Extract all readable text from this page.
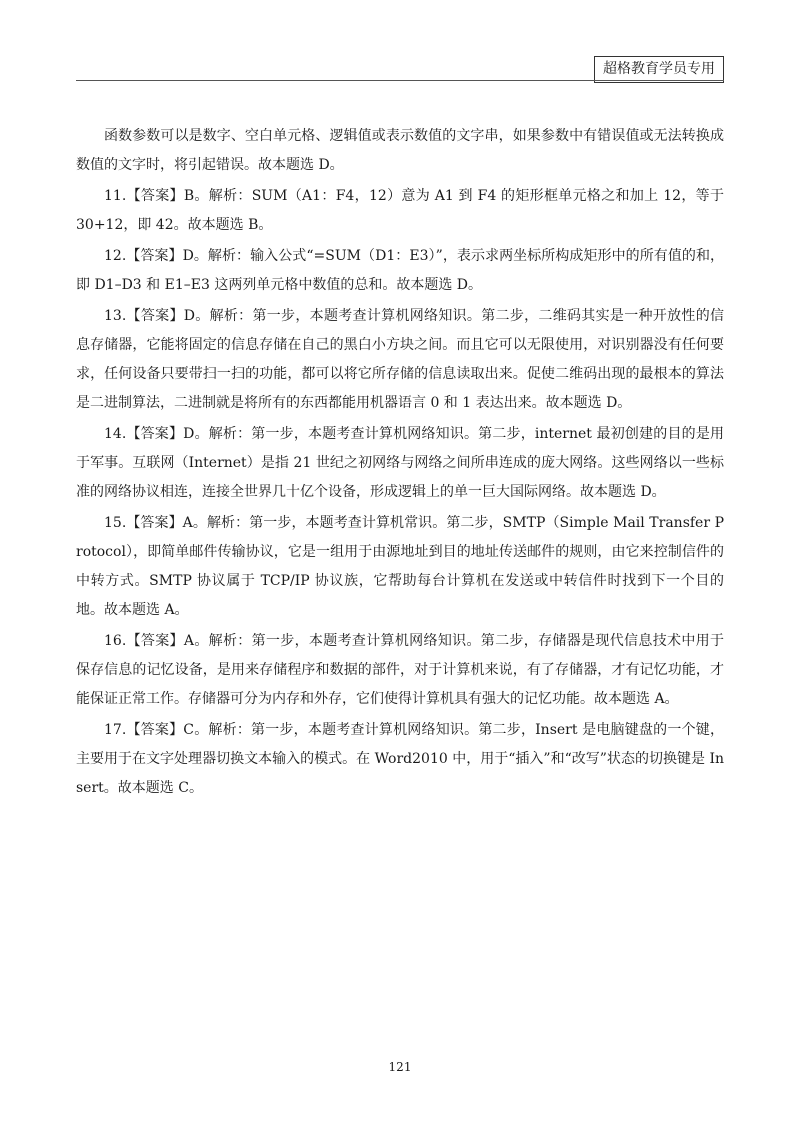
超格教育学员专用

函数参数可以是数字、空白单元格、逻辑值或表示数值的文字串，如果参数中有错误值或无法转换成数值的文字时，将引起错误。故本题选 D。

11.【答案】B。解析：SUM（A1：F4，12）意为 A1 到 F4 的矩形框单元格之和加上 12，等于 30+12，即 42。故本题选 B。

12.【答案】D。解析：输入公式“=SUM（D1：E3）”，表示求两坐标所构成矩形中的所有值的和，即 D1–D3 和 E1–E3 这两列单元格中数值的总和。故本题选 D。

13.【答案】D。解析：第一步，本题考查计算机网络知识。第二步，二维码其实是一种开放性的信息存储器，它能将固定的信息存储在自己的黑白小方块之间。而且它可以无限使用，对识别器没有任何要求，任何设备只要带扫一扫的功能，都可以将它所存储的信息读取出来。促使二维码出现的最根本的算法是二进制算法，二进制就是将所有的东西都能用机器语言 0 和 1 表达出来。故本题选 D。

14.【答案】D。解析：第一步，本题考查计算机网络知识。第二步，internet 最初创建的目的是用于军事。互联网（Internet）是指 21 世纪之初网络与网络之间所串连成的庞大网络。这些网络以一些标准的网络协议相连，连接全世界几十亿个设备，形成逻辑上的单一巨大国际网络。故本题选 D。

15.【答案】A。解析：第一步，本题考查计算机常识。第二步，SMTP（Simple Mail Transfer Protocol），即简单邮件传输协议，它是一组用于由源地址到目的地址传送邮件的规则，由它来控制信件的中转方式。SMTP 协议属于 TCP/IP 协议族，它帮助每台计算机在发送或中转信件时找到下一个目的地。故本题选 A。

16.【答案】A。解析：第一步，本题考查计算机网络知识。第二步，存储器是现代信息技术中用于保存信息的记忆设备，是用来存储程序和数据的部件，对于计算机来说，有了存储器，才有记忆功能，才能保证正常工作。存储器可分为内存和外存，它们使得计算机具有强大的记忆功能。故本题选 A。

17.【答案】C。解析：第一步，本题考查计算机网络知识。第二步，Insert 是电脑键盘的一个键，主要用于在文字处理器切换文本输入的模式。在 Word2010 中，用于“插入”和“改写”状态的切换键是 Insert。故本题选 C。

121
